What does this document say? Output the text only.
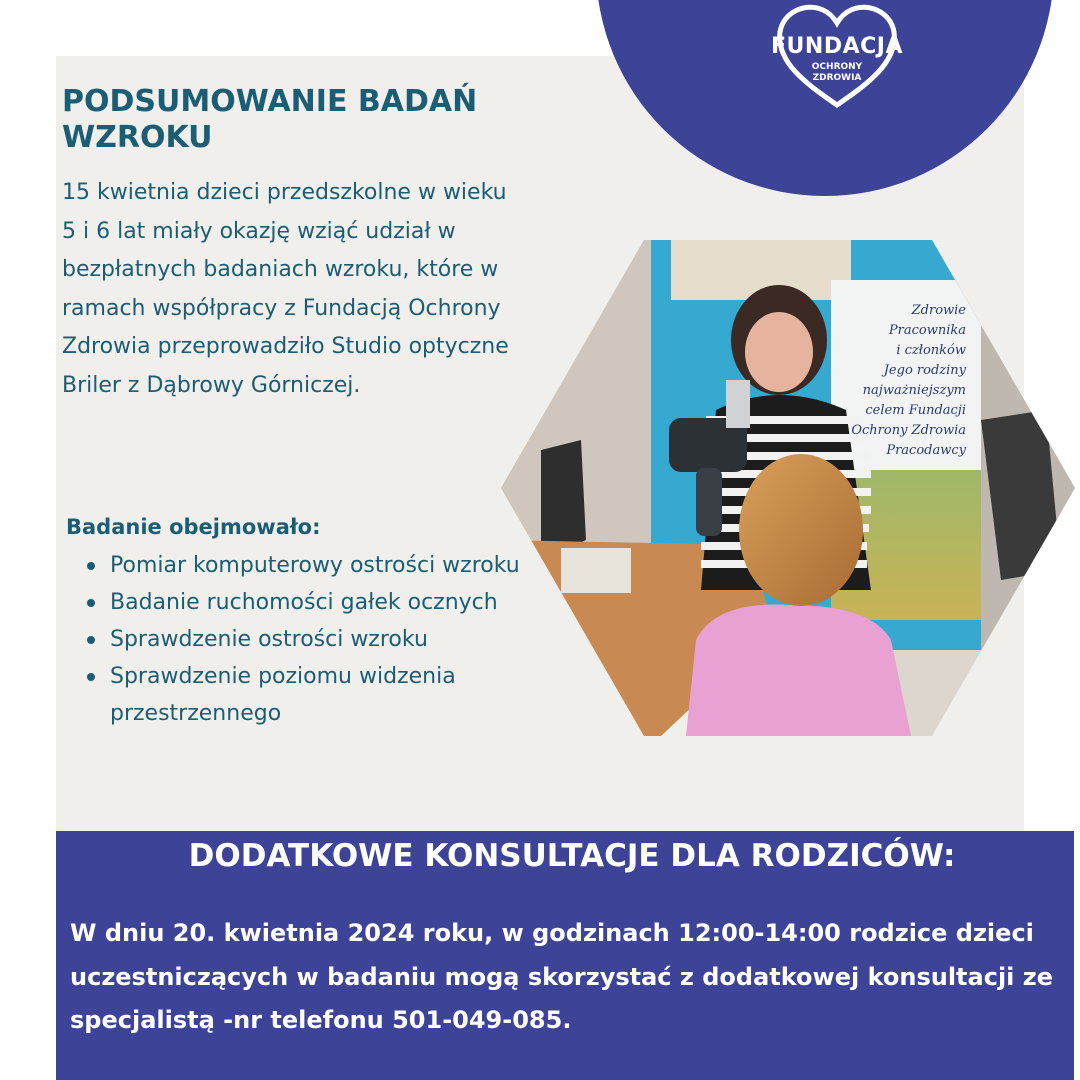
FUNDACJA
OCHRONY
ZDROWIA
PODSUMOWANIE BADAŃ WZROKU

15 kwietnia dzieci przedszkolne w wieku 5 i 6 lat miały okazję wziąć udział w bezpłatnych badaniach wzroku, które w ramach współpracy z Fundacją Ochrony Zdrowia przeprowadziło Studio optyczne Briler z Dąbrowy Górniczej.

Badanie obejmowało:
Pomiar komputerowy ostrości wzroku
Badanie ruchomości gałek ocznych
Sprawdzenie ostrości wzroku
Sprawdzenie poziomu widzenia przestrzennego
Zdrowie
Pracownika
i członków
Jego rodziny
najważniejszym
celem Fundacji
Ochrony Zdrowia
Pracodawcy
DODATKOWE KONSULTACJE DLA RODZICÓW:

W dniu 20. kwietnia 2024 roku, w godzinach 12:00-14:00 rodzice dzieci uczestniczących w badaniu mogą skorzystać z dodatkowej konsultacji ze specjalistą -nr telefonu 501-049-085.
